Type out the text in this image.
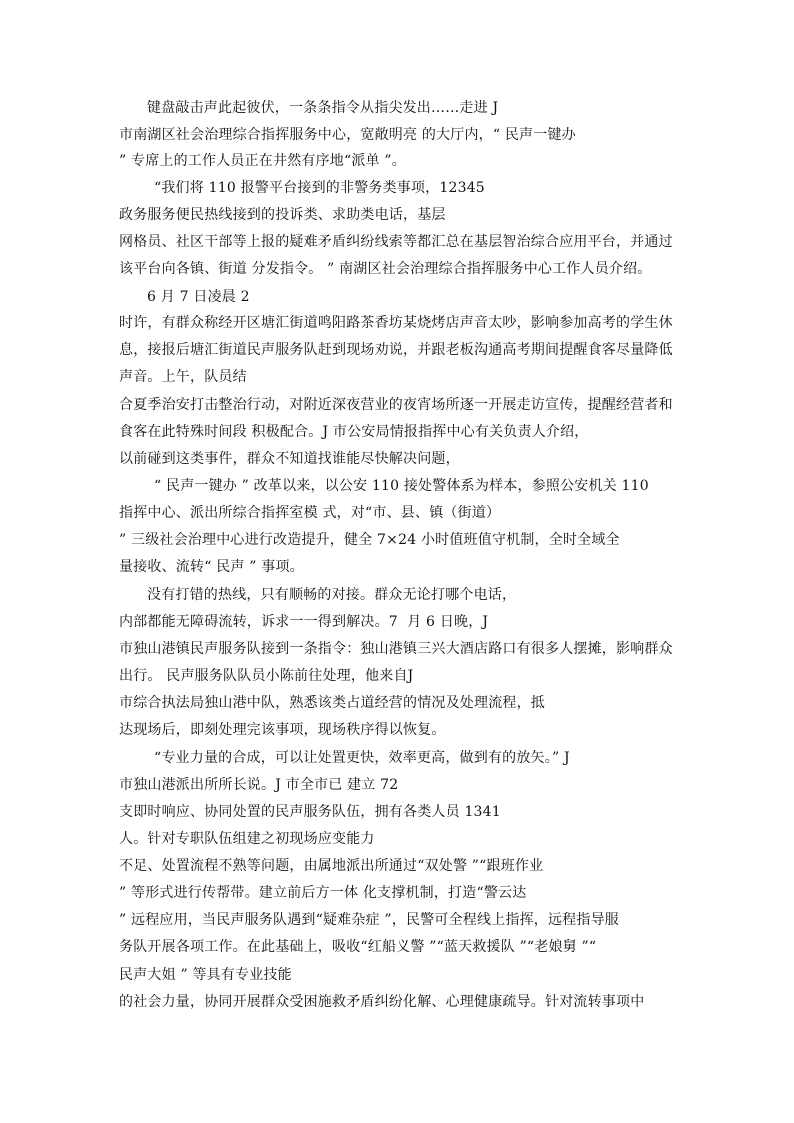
键盘敲击声此起彼伏，一条条指令从指尖发出……走进 J
市南湖区社会治理综合指挥服务中心，宽敞明亮 的大厅内，“ 民声一键办
” 专席上的工作人员正在井然有序地“派单 ”。
“我们将 110 报警平台接到的非警务类事项，12345
政务服务便民热线接到的投诉类、求助类电话，基层
网格员、社区干部等上报的疑难矛盾纠纷线索等都汇总在基层智治综合应用平台，并通过
该平台向各镇、街道 分发指令。 ” 南湖区社会治理综合指挥服务中心工作人员介绍。
6 月 7 日凌晨 2
时许，有群众称经开区塘汇街道鸣阳路茶香坊某烧烤店声音太吵，影响参加高考的学生休
息，接报后塘汇街道民声服务队赶到现场劝说，并跟老板沟通高考期间提醒食客尽量降低
声音。上午，队员结
合夏季治安打击整治行动，对附近深夜营业的夜宵场所逐一开展走访宣传，提醒经营者和
食客在此特殊时间段 积极配合。J 市公安局情报指挥中心有关负责人介绍，
以前碰到这类事件，群众不知道找谁能尽快解决问题，
“ 民声一键办 ” 改革以来，以公安 110 接处警体系为样本，参照公安机关 110
指挥中心、派出所综合指挥室模 式，对“市、县、镇（街道）
” 三级社会治理中心进行改造提升，健全 7×24 小时值班值守机制，全时全域全
量接收、流转“ 民声 ” 事项。
没有打错的热线，只有顺畅的对接。群众无论打哪个电话，
内部都能无障碍流转，诉求一一得到解决。7  月 6 日晚，J
市独山港镇民声服务队接到一条指令：独山港镇三兴大酒店路口有很多人摆摊，影响群众
出行。 民声服务队队员小陈前往处理，他来自J
市综合执法局独山港中队，熟悉该类占道经营的情况及处理流程，抵
达现场后，即刻处理完该事项，现场秩序得以恢复。
“专业力量的合成，可以让处置更快，效率更高，做到有的放矢。” J
市独山港派出所所长说。J 市全市已 建立 72
支即时响应、协同处置的民声服务队伍，拥有各类人员 1341
人。针对专职队伍组建之初现场应变能力
不足、处置流程不熟等问题，由属地派出所通过“双处警 ”“跟班作业
” 等形式进行传帮带。建立前后方一体 化支撑机制，打造“警云达
” 远程应用，当民声服务队遇到“疑难杂症 ”，民警可全程线上指挥，远程指导服
务队开展各项工作。在此基础上，吸收“红船义警 ”“蓝天救援队 ”“老娘舅 ”“
民声大姐 ” 等具有专业技能
的社会力量，协同开展群众受困施救矛盾纠纷化解、心理健康疏导。针对流转事项中
